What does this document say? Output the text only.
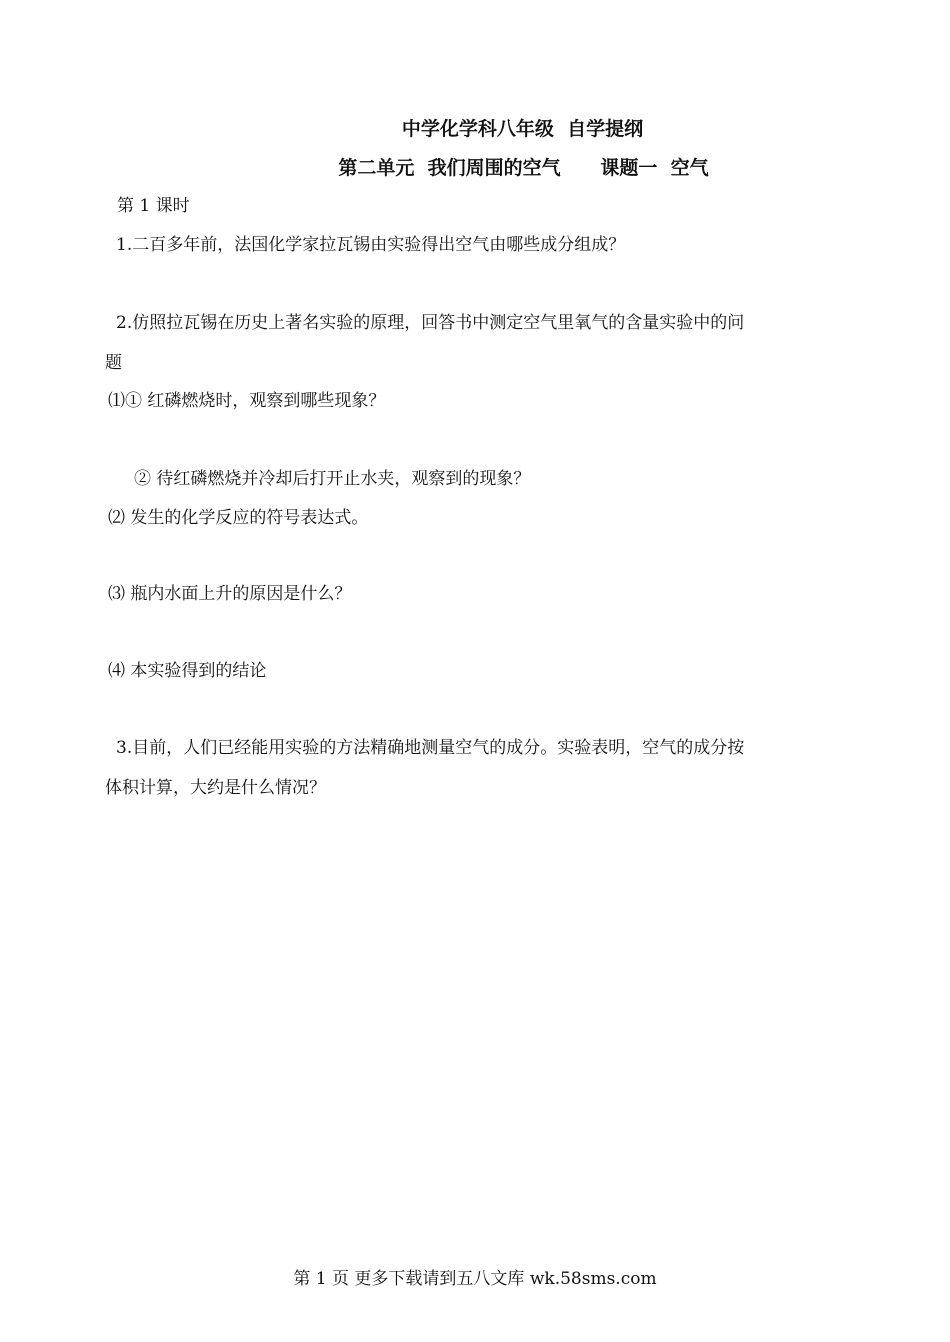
中学化学科八年级  自学提纲
第二单元  我们周围的空气      课题一  空气
第 1 课时
1.二百多年前，法国化学家拉瓦锡由实验得出空气由哪些成分组成？
2.仿照拉瓦锡在历史上著名实验的原理，回答书中测定空气里氧气的含量实验中的问
题
⑴① 红磷燃烧时，观察到哪些现象？
② 待红磷燃烧并冷却后打开止水夹，观察到的现象？
⑵ 发生的化学反应的符号表达式。
⑶ 瓶内水面上升的原因是什么？
⑷ 本实验得到的结论
3.目前，人们已经能用实验的方法精确地测量空气的成分。实验表明，空气的成分按
体积计算，大约是什么情况？
第 1 页 更多下载请到五八文库 wk.58sms.com
